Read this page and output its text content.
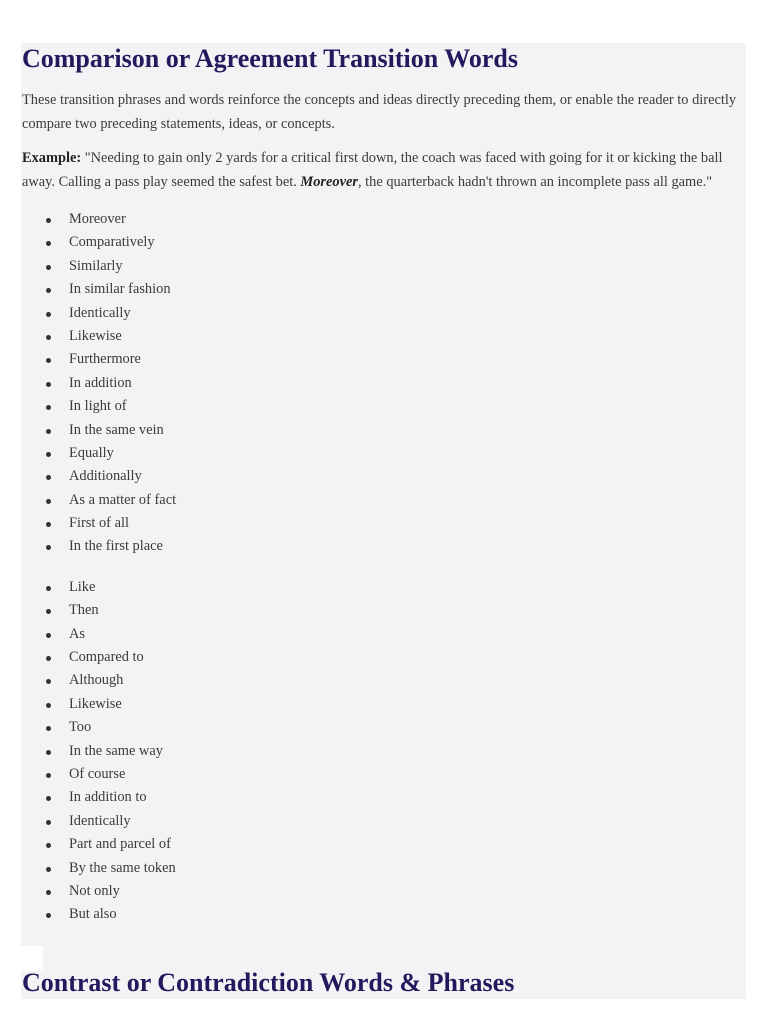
Comparison or Agreement Transition Words

These transition phrases and words reinforce the concepts and ideas directly preceding them, or enable the reader to directly compare two preceding statements, ideas, or concepts.

Example: "Needing to gain only 2 yards for a critical first down, the coach was faced with going for it or kicking the ball away. Calling a pass play seemed the safest bet. Moreover, the quarterback hadn't thrown an incomplete pass all game."

Moreover
Comparatively
Similarly
In similar fashion
Identically
Likewise
Furthermore
In addition
In light of
In the same vein
Equally
Additionally
As a matter of fact
First of all
In the first place
Like
Then
As
Compared to
Although
Likewise
Too
In the same way
Of course
In addition to
Identically
Part and parcel of
By the same token
Not only
But also
Contrast or Contradiction Words & Phrases
